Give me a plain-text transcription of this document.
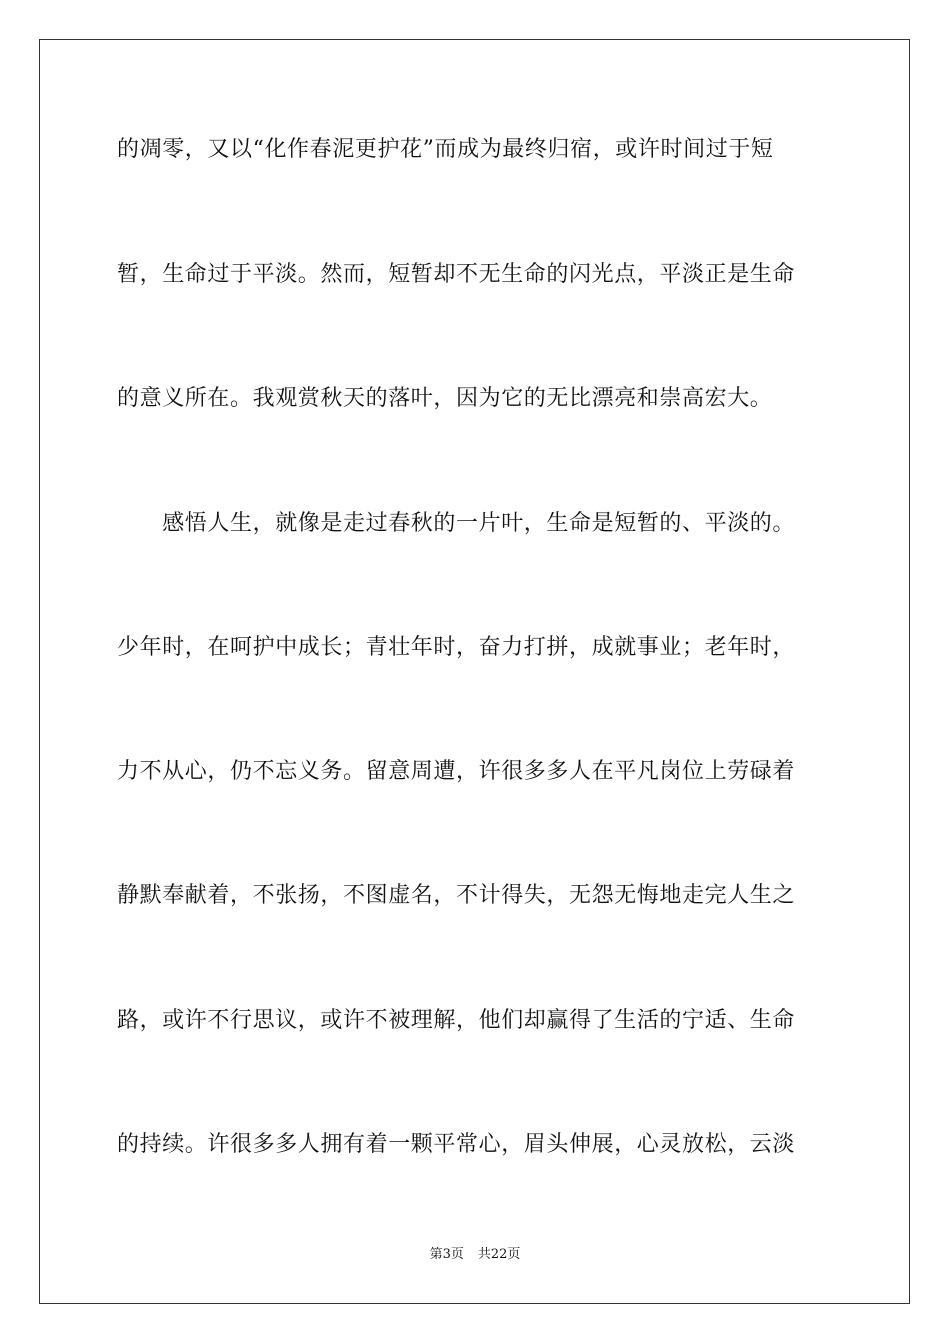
的凋零，又以“化作春泥更护花”而成为最终归宿，或许时间过于短
暂，生命过于平淡。然而，短暂却不无生命的闪光点，平淡正是生命
的意义所在。我观赏秋天的落叶，因为它的无比漂亮和崇高宏大。
　　感悟人生，就像是走过春秋的一片叶，生命是短暂的、平淡的。
少年时，在呵护中成长；青壮年时，奋力打拼，成就事业；老年时，
力不从心，仍不忘义务。留意周遭，许很多多人在平凡岗位上劳碌着
静默奉献着，不张扬，不图虚名，不计得失，无怨无悔地走完人生之
路，或许不行思议，或许不被理解，他们却赢得了生活的宁适、生命
的持续。许很多多人拥有着一颗平常心，眉头伸展，心灵放松，云淡
第3页 共22页
